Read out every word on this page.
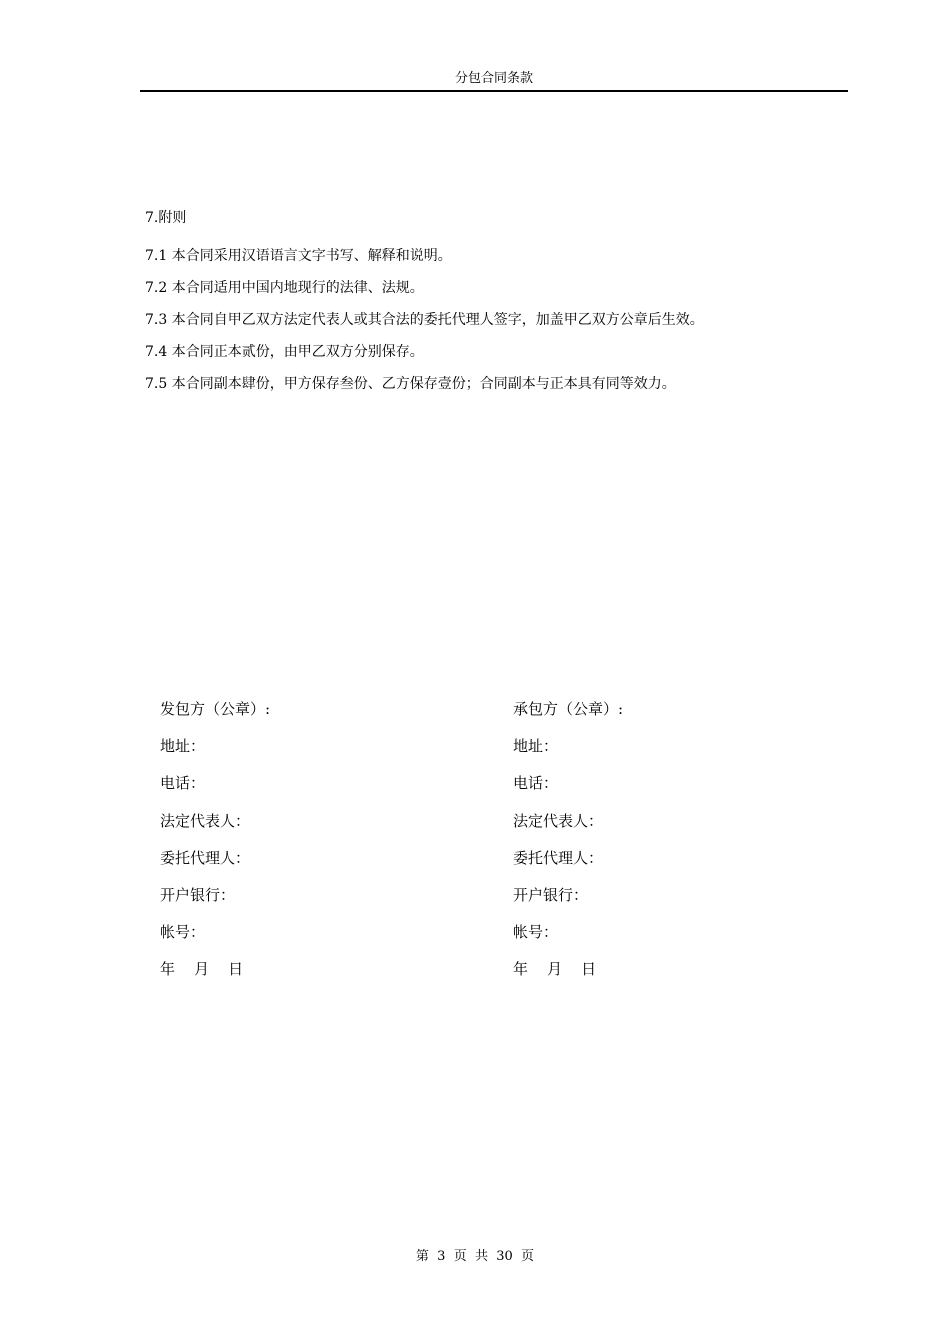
分包合同条款
7.附则
7.1 本合同采用汉语语言文字书写、解释和说明。
7.2 本合同适用中国内地现行的法律、法规。
7.3 本合同自甲乙双方法定代表人或其合法的委托代理人签字，加盖甲乙双方公章后生效。
7.4 本合同正本贰份，由甲乙双方分别保存。
7.5 本合同副本肆份，甲方保存叁份、乙方保存壹份；合同副本与正本具有同等效力。
发包方（公章）:
地址：
电话：
法定代表人：
委托代理人：
开户银行：
帐号：
年    月    日
承包方（公章）:
地址：
电话：
法定代表人：
委托代理人：
开户银行：
帐号：
年    月    日
第  3  页  共  30  页
